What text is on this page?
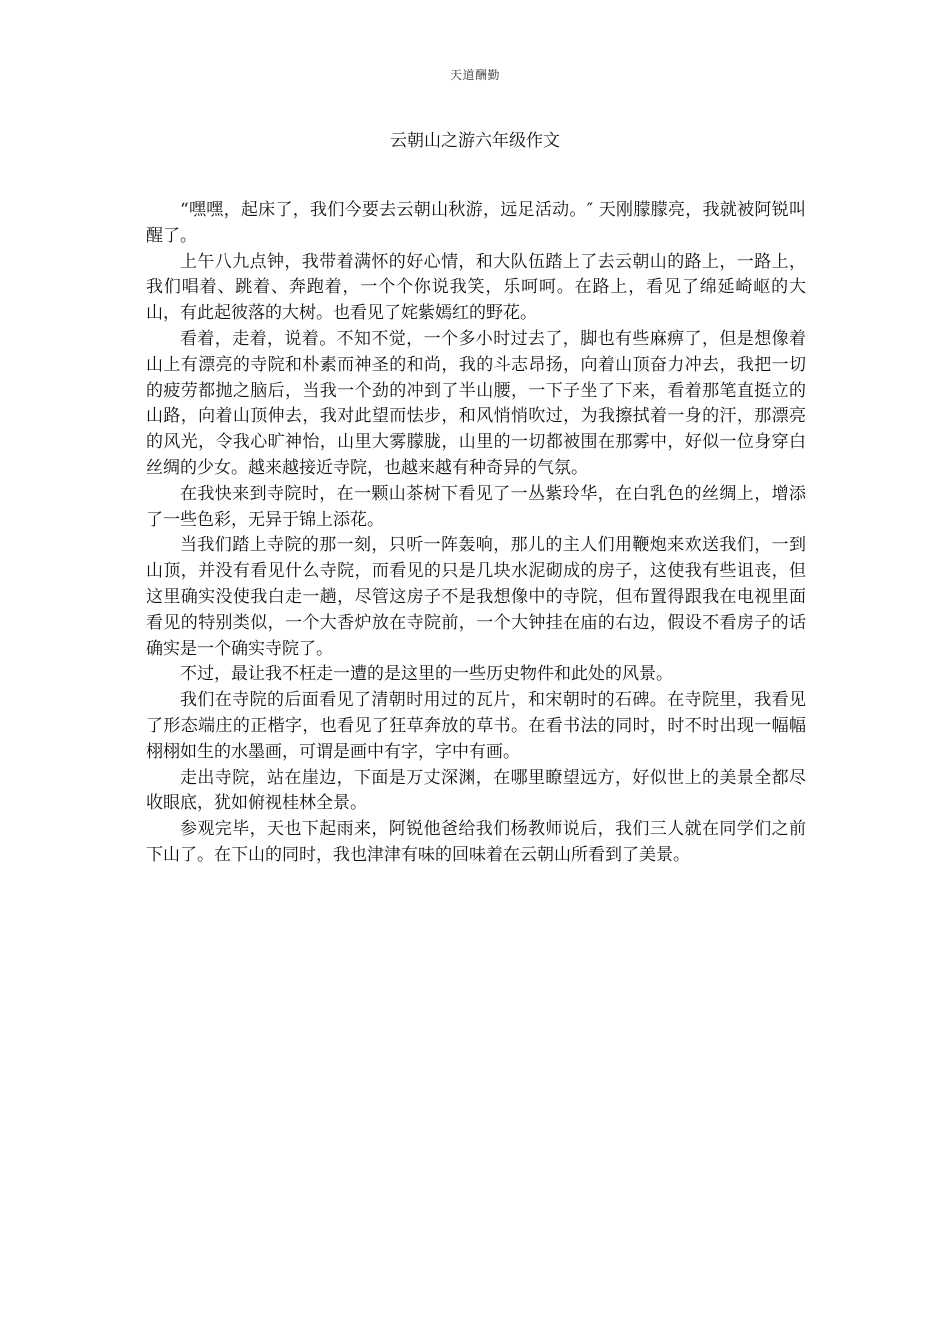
天道酬勤
云朝山之游六年级作文

“嘿嘿，起床了，我们今要去云朝山秋游，远足活动。″ 天刚朦朦亮，我就被阿锐叫醒了。

上午八九点钟，我带着满怀的好心情，和大队伍踏上了去云朝山的路上，一路上，我们唱着、跳着、奔跑着，一个个你说我笑，乐呵呵。在路上，看见了绵延崎岖的大山，有此起彼落的大树。也看见了姹紫嫣红的野花。

看着，走着，说着。不知不觉，一个多小时过去了，脚也有些麻痹了，但是想像着山上有漂亮的寺院和朴素而神圣的和尚，我的斗志昂扬，向着山顶奋力冲去，我把一切的疲劳都抛之脑后，当我一个劲的冲到了半山腰，一下子坐了下来，看着那笔直挺立的山路，向着山顶伸去，我对此望而怯步，和风悄悄吹过，为我擦拭着一身的汗，那漂亮的风光，令我心旷神怡，山里大雾朦胧，山里的一切都被围在那雾中，好似一位身穿白丝绸的少女。越来越接近寺院，也越来越有种奇异的气氛。

在我快来到寺院时，在一颗山茶树下看见了一丛紫玲华，在白乳色的丝绸上，增添了一些色彩，无异于锦上添花。

当我们踏上寺院的那一刻，只听一阵轰响，那儿的主人们用鞭炮来欢送我们，一到山顶，并没有看见什么寺院，而看见的只是几块水泥砌成的房子，这使我有些诅丧，但这里确实没使我白走一趟，尽管这房子不是我想像中的寺院，但布置得跟我在电视里面看见的特别类似，一个大香炉放在寺院前，一个大钟挂在庙的右边，假设不看房子的话确实是一个确实寺院了。

不过，最让我不枉走一遭的是这里的一些历史物件和此处的风景。

我们在寺院的后面看见了清朝时用过的瓦片，和宋朝时的石碑。在寺院里，我看见了形态端庄的正楷字，也看见了狂草奔放的草书。在看书法的同时，时不时出现一幅幅栩栩如生的水墨画，可谓是画中有字，字中有画。

走出寺院，站在崖边，下面是万丈深渊，在哪里瞭望远方，好似世上的美景全都尽收眼底，犹如俯视桂林全景。

参观完毕，天也下起雨来，阿锐他爸给我们杨教师说后，我们三人就在同学们之前下山了。在下山的同时，我也津津有味的回味着在云朝山所看到了美景。
